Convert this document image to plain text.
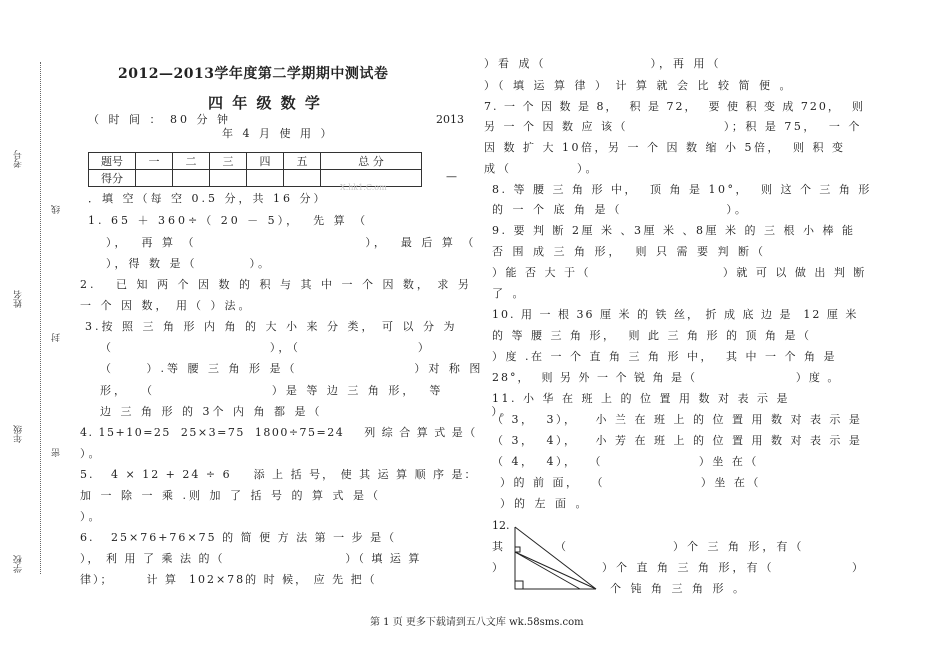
考号
姓名
年级
学校
线
封
密
2012—2013学年度第二学期期中测试卷
四 年 级 数 学
（ 时 间 ： 80 分 钟	2013
年 4 月 使 用 ）
题号	一	二	三	四	五	总 分
得分							—
X.hk1.C.om
．填 空（每 空 0.5 分，共 16 分）
1. 65 ＋ 360÷（ 20 － 5），  先 算 （
），  再 算 （                          ），  最 后 算 （
），得 数 是（        ）。
2.   已 知 两 个 因 数 的 积 与 其 中 一 个 因 数， 求 另
一 个 因 数， 用（ ）法。
3.按 照 三 角 形 内 角 的 大 小 来 分 类， 可 以 分 为
（                        ），（                  ）
（     ）.等 腰 三 角 形 是（                  ）对 称 图
形，  （                  ）是 等 边 三 角 形，  等
边 三 角 形 的 3个 内 角 都 是（                          ）。
4. 15+10=25  25×3=75  1800÷75=24    列 综 合 算 式 是（
）。
5.   4 × 12 + 24 ÷ 6    添 上 括 号， 使 其 运 算 顺 序 是：
加 一 除 一 乘 .则 加 了 括 号 的 算 式 是（
）。
6.   25×76+76×75 的 简 便 方 法 第 一 步 是（
）， 利 用 了 乘 法 的（                      ）（ 填 运 算
律）；      计 算  102×78的 时 候， 应 先 把（
）看 成（                ），再 用（
）（ 填 运 算 律 ） 计 算 就 会 比 较 简 便 。
7. 一 个 因 数 是 8，  积 是 72，  要 使 积 变 成 720，  则
另 一 个 因 数 应 该（                ）；积 是 75，  一 个
因 数 扩 大 10倍，另 一 个 因 数 缩 小 5倍，  则 积 变
成（          ）。
8. 等 腰 三 角 形 中，  顶 角 是 10°，  则 这 个 三 角 形
的 一 个 底 角 是（                ）。
9. 要 判 断 2厘 米 、3厘 米 、8厘 米 的 三 根 小 棒 能
否 围 成 三 角 形，  则 只 需 要 判 断（
）能 否 大 于（                      ）就 可 以 做 出 判 断
了 。
10. 用 一 根 36 厘 米 的 铁 丝， 折 成 底 边 是  12 厘 米
的 等 腰 三 角 形，  则 此 三 角 形 的 顶 角 是（
）度 .在 一 个 直 角 三 角 形 中，  其 中 一 个 角 是
28°，  则 另 外 一 个 锐 角 是（                  ）度 。
11. 小 华 在 班 上 的 位 置 用 数 对 表 示 是
（ 3，  3），   小 兰 在 班 上 的 位 置 用 数 对 表 示 是
（ 3，  4），   小 芳 在 班 上 的 位 置 用 数 对 表 示 是
（ 4，  4），  （                ）坐 在（
）的 前 面，  （                ）坐 在（
）的 左 面 。
12.
其	（                ）个 三 角 形，有（
）	）个 直 角 三 角 形，有（	）
个 钝 角 三 角 形 。
第 1 页 更多下载请到五八文库 wk.58sms.com
